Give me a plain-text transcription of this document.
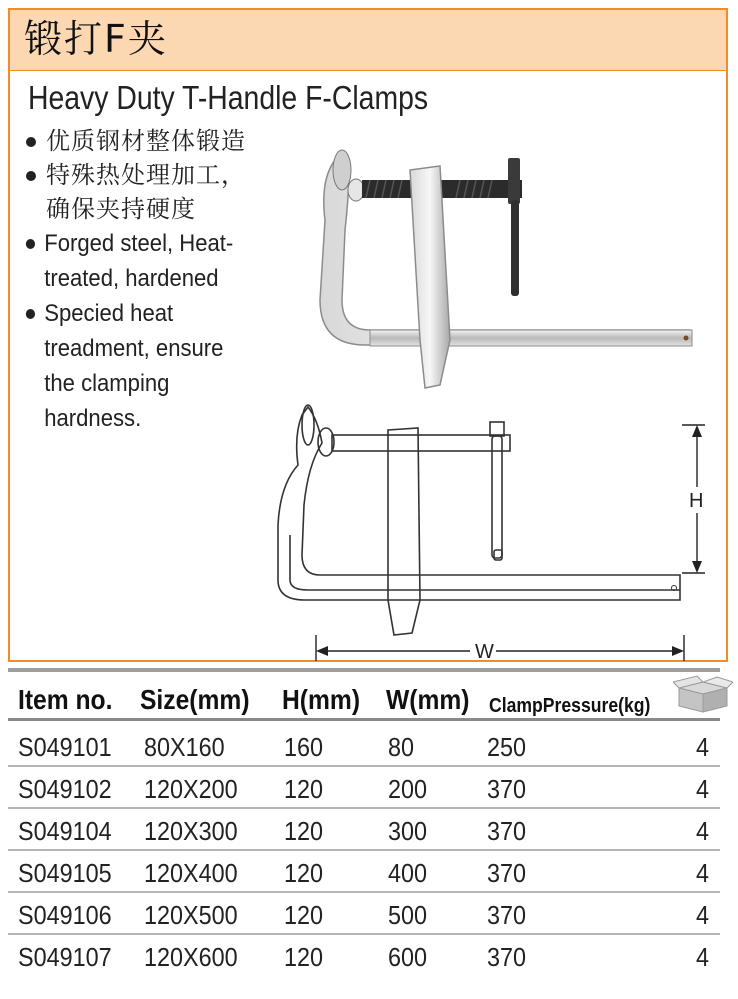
锻打F夹
Heavy Duty T-Handle F-Clamps
优质钢材整体锻造
特殊热处理加工，
确保夹持硬度
Forged steel, Heat-
treated, hardened
Specied heat
treadment, ensure
the clamping
hardness.
H
W
Item no. Size(mm) H(mm) W(mm) ClampPressure(kg)
S049101 80X160 160 80	250	4
S049102 120X200 120 200 370	4
S049104 120X300 120 300 370	4
S049105 120X400 120 400 370	4
S049106 120X500 120 500 370	4
S049107 120X600 120 600 370	4
